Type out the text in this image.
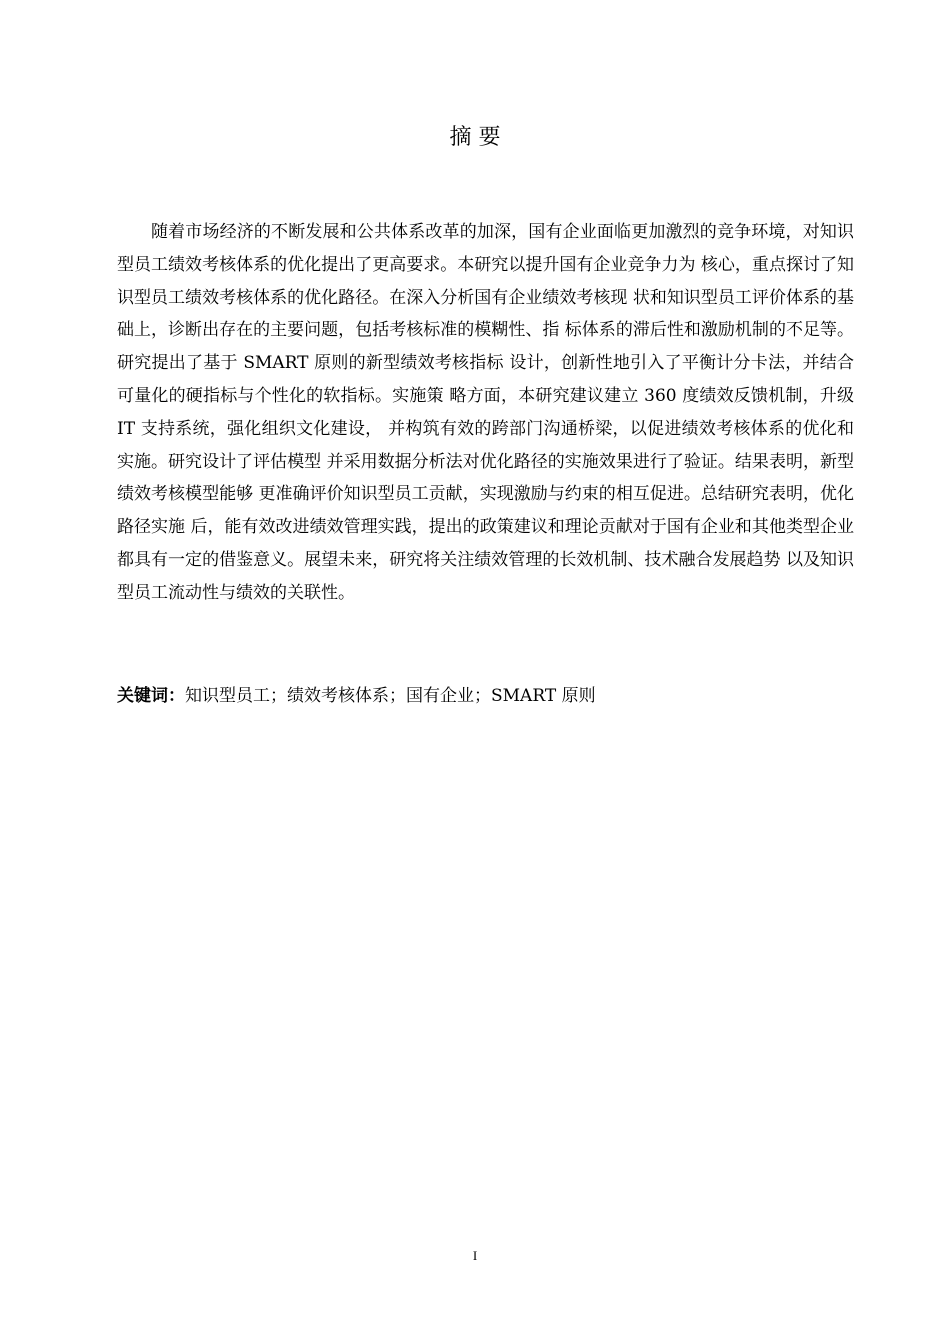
摘 要

随着市场经济的不断发展和公共体系改革的加深，国有企业面临更加激烈的竞争环境，对知识型员工绩效考核体系的优化提出了更高要求。本研究以提升国有企业竞争力为 核心，重点探讨了知识型员工绩效考核体系的优化路径。在深入分析国有企业绩效考核现 状和知识型员工评价体系的基础上，诊断出存在的主要问题，包括考核标准的模糊性、指 标体系的滞后性和激励机制的不足等。研究提出了基于 SMART 原则的新型绩效考核指标 设计，创新性地引入了平衡计分卡法，并结合可量化的硬指标与个性化的软指标。实施策 略方面，本研究建议建立 360 度绩效反馈机制，升级 IT 支持系统，强化组织文化建设， 并构筑有效的跨部门沟通桥梁，以促进绩效考核体系的优化和实施。研究设计了评估模型 并采用数据分析法对优化路径的实施效果进行了验证。结果表明，新型绩效考核模型能够 更准确评价知识型员工贡献，实现激励与约束的相互促进。总结研究表明，优化路径实施 后，能有效改进绩效管理实践，提出的政策建议和理论贡献对于国有企业和其他类型企业 都具有一定的借鉴意义。展望未来，研究将关注绩效管理的长效机制、技术融合发展趋势 以及知识型员工流动性与绩效的关联性。

关键词：知识型员工；绩效考核体系；国有企业；SMART 原则
I
